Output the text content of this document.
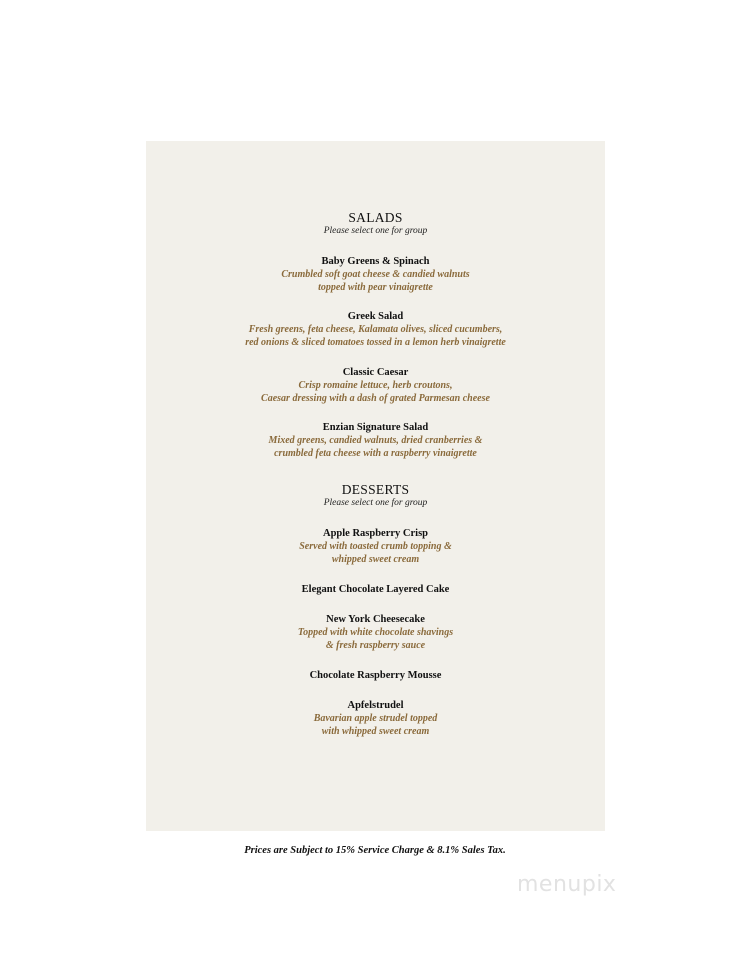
SALADS
Please select one for group
Baby Greens & Spinach
Crumbled soft goat cheese & candied walnuts
topped with pear vinaigrette
Greek Salad
Fresh greens, feta cheese, Kalamata olives, sliced cucumbers,
red onions & sliced tomatoes tossed in a lemon herb vinaigrette
Classic Caesar
Crisp romaine lettuce, herb croutons,
Caesar dressing with a dash of grated Parmesan cheese
Enzian Signature Salad
Mixed greens, candied walnuts, dried cranberries &
crumbled feta cheese with a raspberry vinaigrette
DESSERTS
Please select one for group
Apple Raspberry Crisp
Served with toasted crumb topping &
whipped sweet cream
Elegant Chocolate Layered Cake
New York Cheesecake
Topped with white chocolate shavings
& fresh raspberry sauce
Chocolate Raspberry Mousse
Apfelstrudel
Bavarian apple strudel topped
with whipped sweet cream
Prices are Subject to 15% Service Charge & 8.1% Sales Tax.
menupix
